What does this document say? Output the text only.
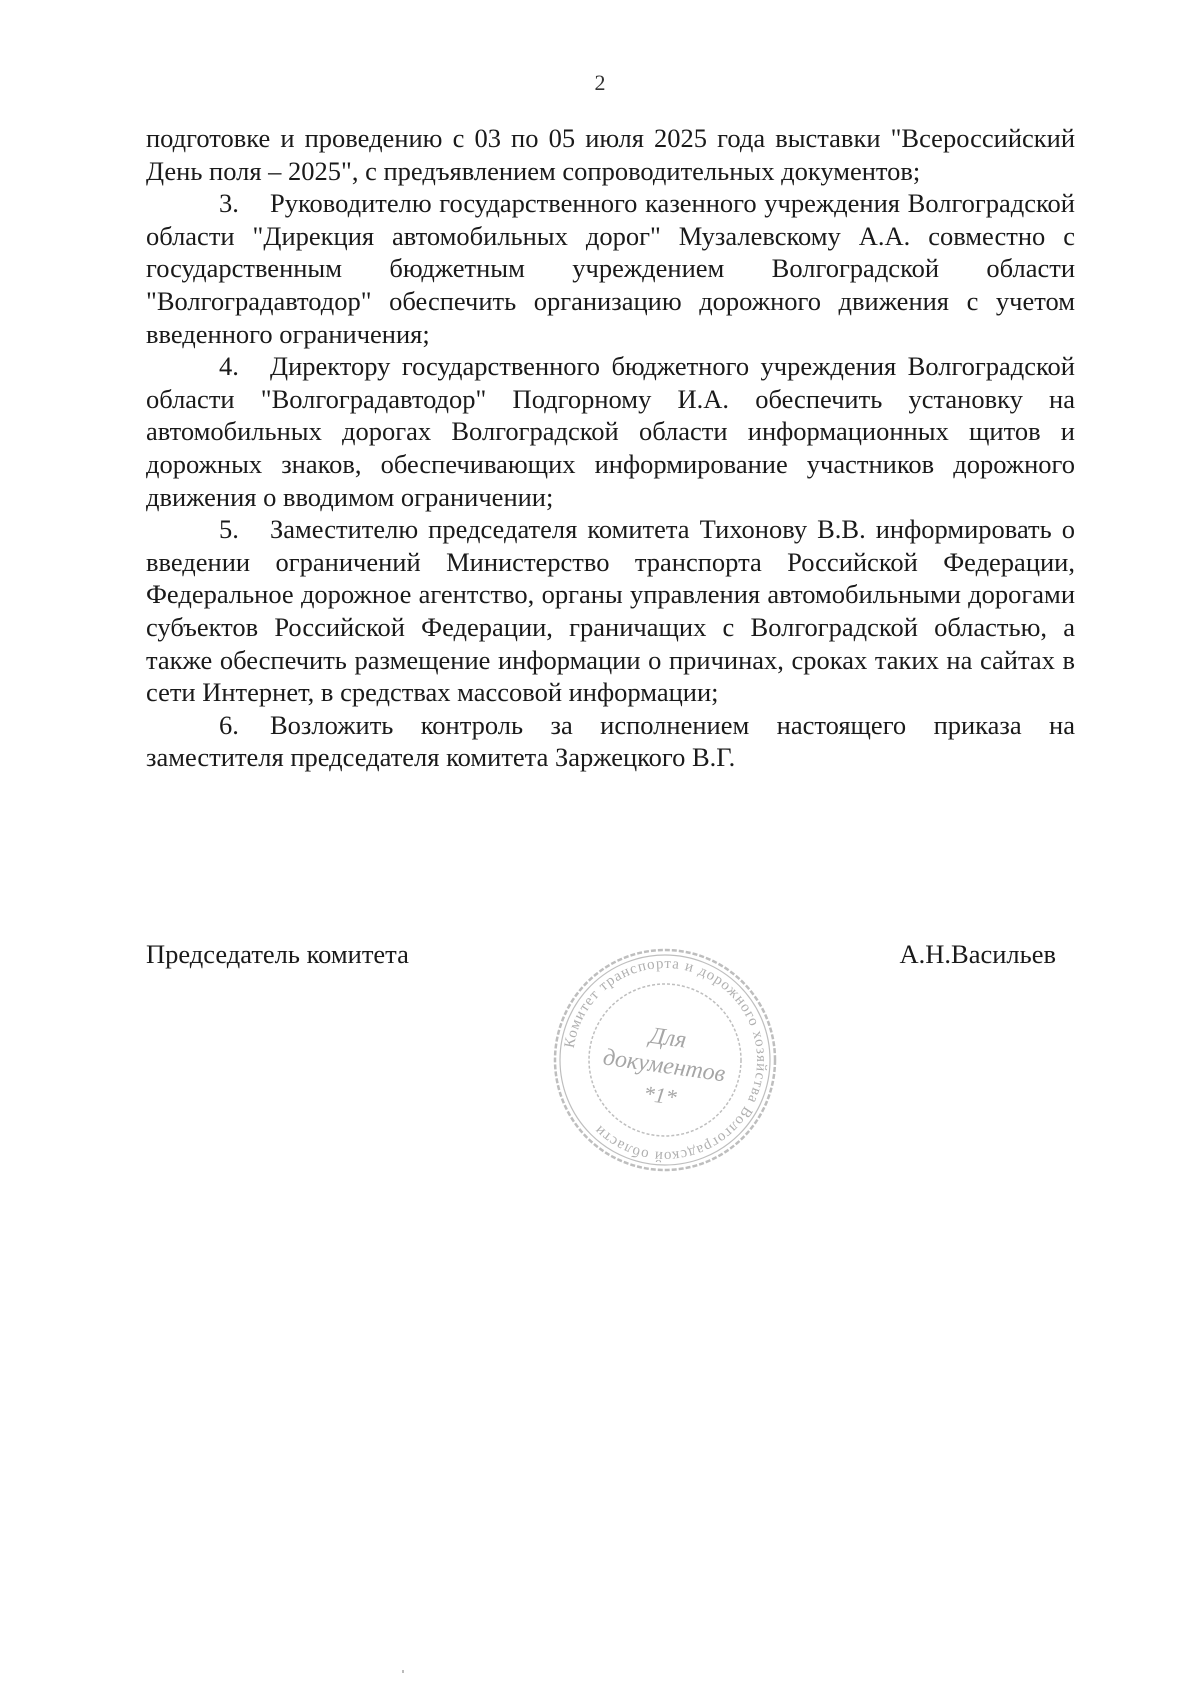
2

подготовке и проведению с 03 по 05 июля 2025 года выставки "Всероссийский День поля – 2025", с предъявлением сопроводительных документов;

3. Руководителю государственного казенного учреждения Волгоградской области "Дирекция автомобильных дорог" Музалевскому А.А. совместно с государственным бюджетным учреждением Волгоградской области "Волгоградавтодор" обеспечить организацию дорожного движения с учетом введенного ограничения;

4. Директору государственного бюджетного учреждения Волгоградской области "Волгоградавтодор" Подгорному И.А. обеспечить установку на автомобильных дорогах Волгоградской области информационных щитов и дорожных знаков, обеспечивающих информирование участников дорожного движения о вводимом ограничении;

5. Заместителю председателя комитета Тихонову В.В. информировать о введении ограничений Министерство транспорта Российской Федерации, Федеральное дорожное агентство, органы управления автомобильными дорогами субъектов Российской Федерации, граничащих с Волгоградской областью, а также обеспечить размещение информации о причинах, сроках таких на сайтах в сети Интернет, в средствах массовой информации;

6. Возложить контроль за исполнением настоящего приказа на заместителя председателя комитета Заржецкого В.Г.

Председатель комитета	А.Н.Васильев
Комитет транспорта и дорожного хозяйства Волгоградской области
Для
документов
*1*
